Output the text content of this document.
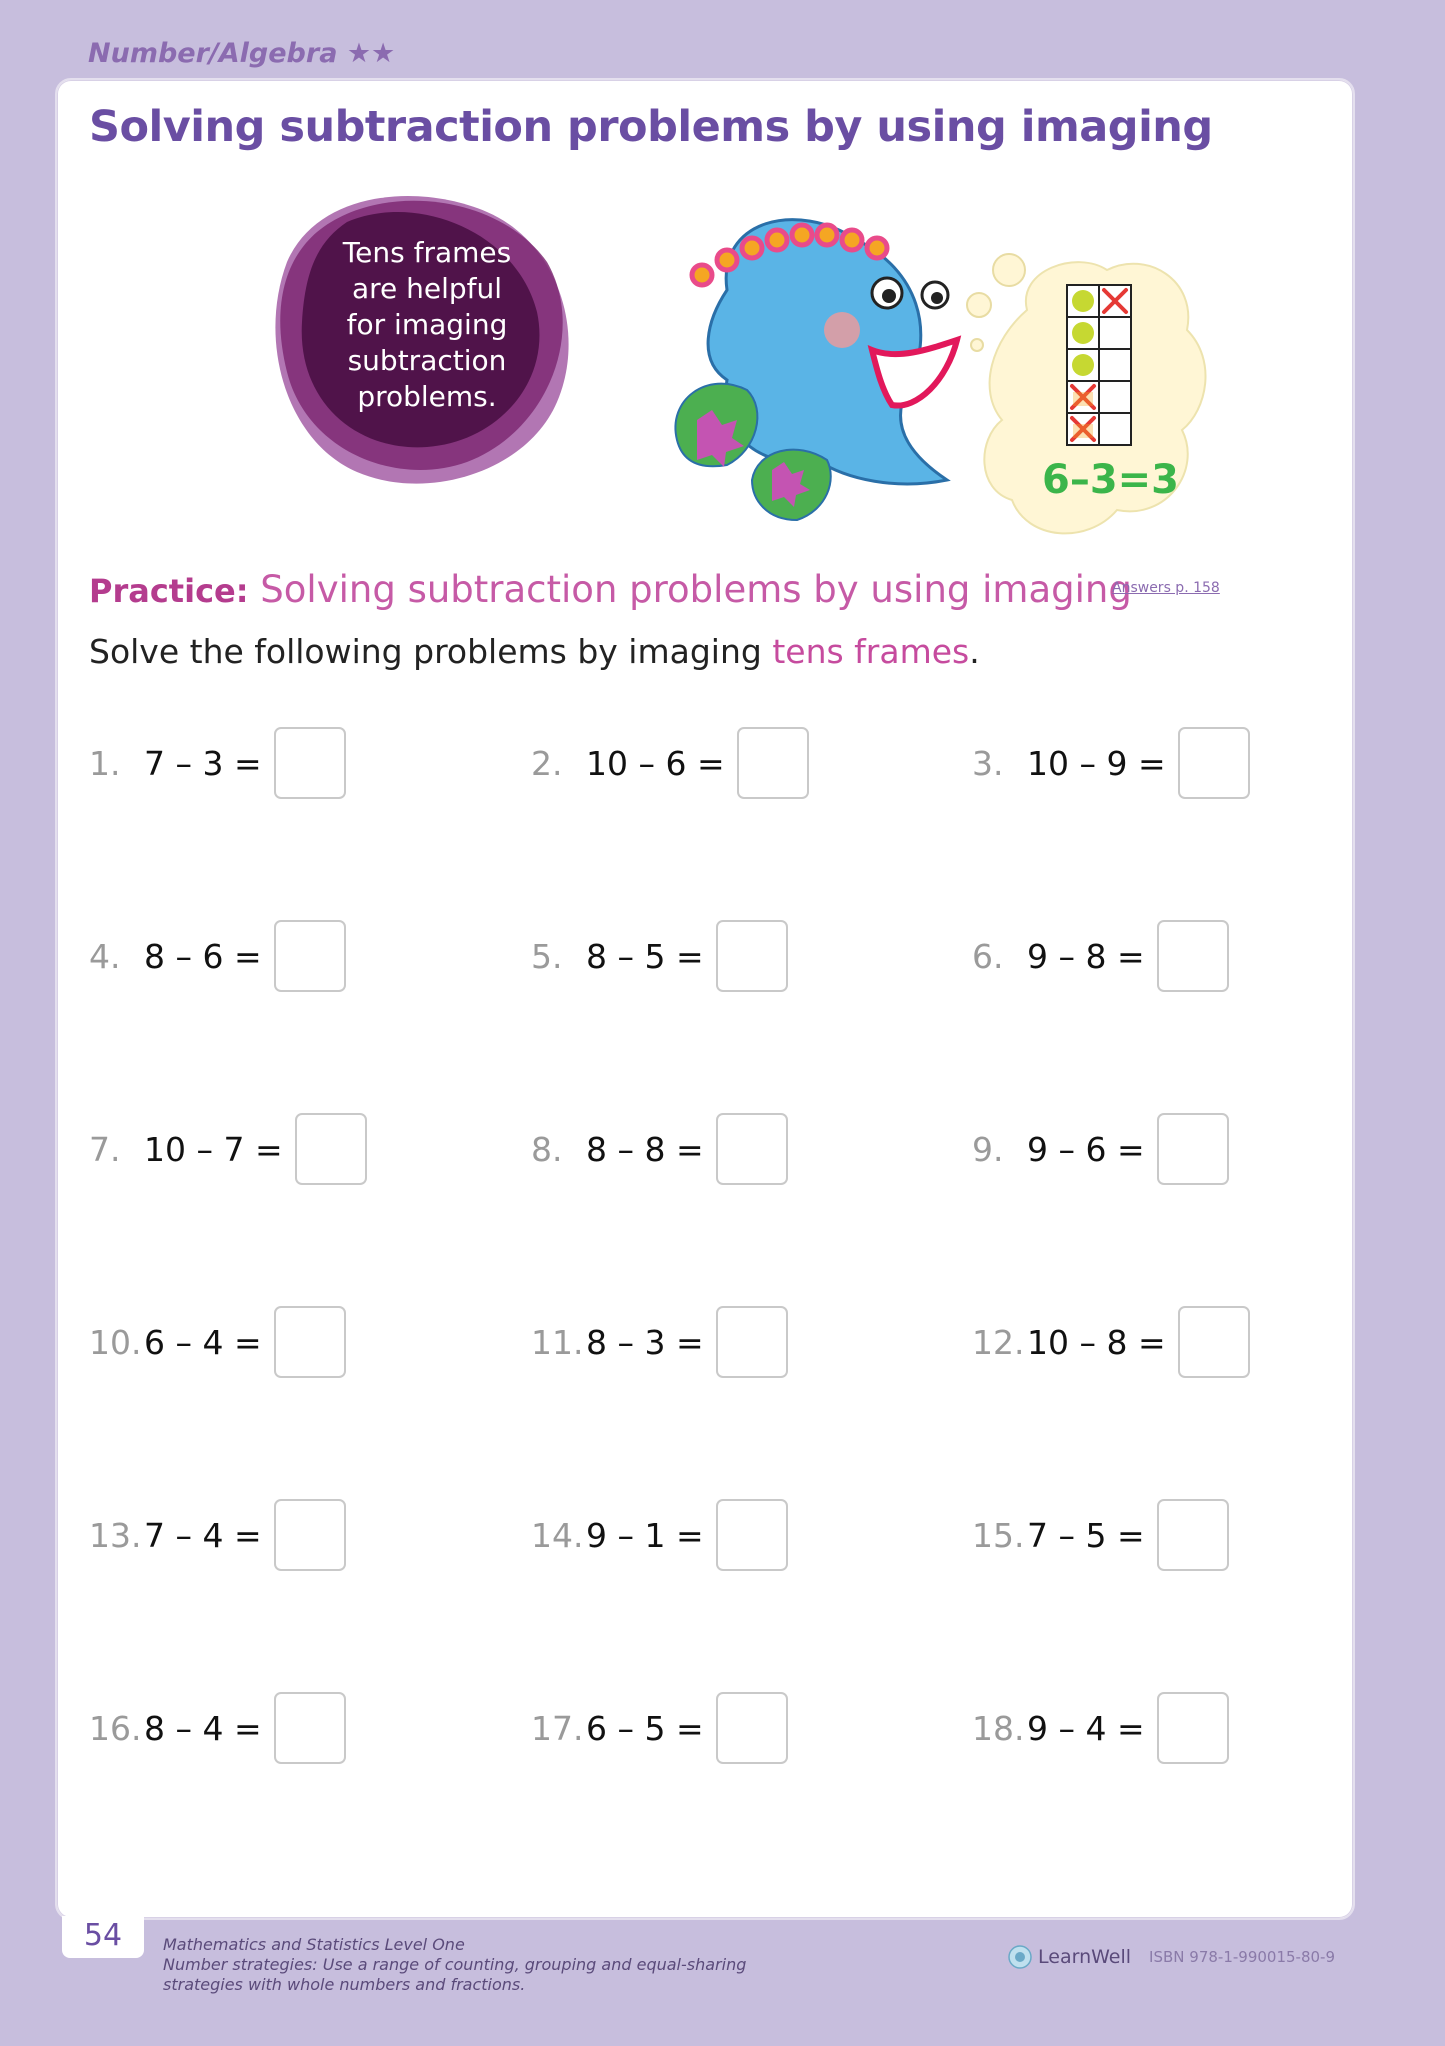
Number/Algebra ★★
Solving subtraction problems by using imaging
Tens frames
are helpful
for imaging
subtraction
problems.
6–3=3
Practice: Solving subtraction problems by using imaging
Answers p. 158
Solve the following problems by imaging tens frames.
1. 7 – 3 =	2. 10 – 6 =	3. 10 – 9 =
4. 8 – 6 =	5. 8 – 5 =	6. 9 – 8 =
7. 10 – 7 =	8. 8 – 8 =	9. 9 – 6 =
10. 6 – 4 =	11. 8 – 3 =	12. 10 – 8 =
13. 7 – 4 =	14. 9 – 1 =	15. 7 – 5 =
16. 8 – 4 =	17. 6 – 5 =	18. 9 – 4 =
54	Mathematics and Statistics Level One
Number strategies: Use a range of counting, grouping and equal-sharing
strategies with whole numbers and fractions.
LearnWell ISBN 978-1-990015-80-9
